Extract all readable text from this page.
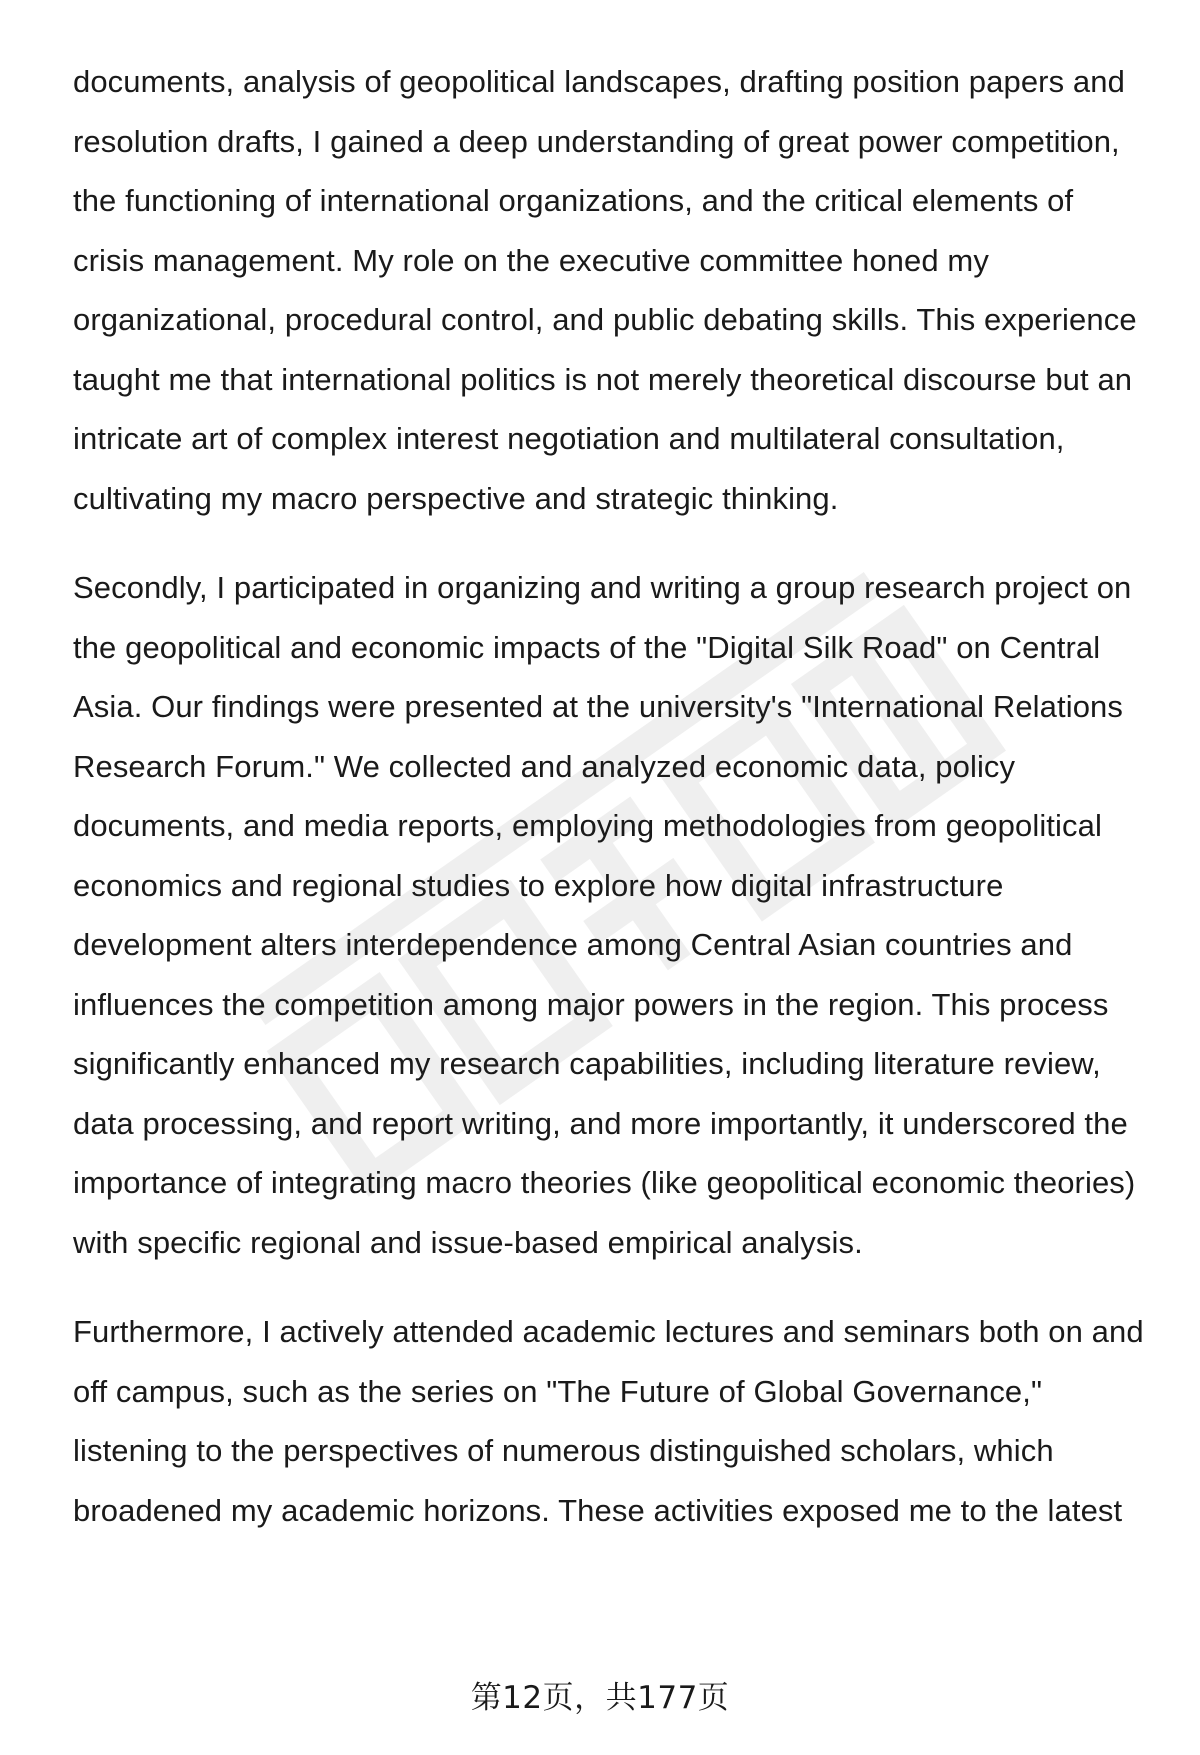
documents, analysis of geopolitical landscapes, drafting position papers and resolution drafts, I gained a deep understanding of great power competition, the functioning of international organizations, and the critical elements of crisis management. My role on the executive committee honed my organizational, procedural control, and public debating skills. This experience taught me that international politics is not merely theoretical discourse but an intricate art of complex interest negotiation and multilateral consultation, cultivating my macro perspective and strategic thinking.

Secondly, I participated in organizing and writing a group research project on the geopolitical and economic impacts of the "Digital Silk Road" on Central Asia. Our findings were presented at the university's "International Relations Research Forum." We collected and analyzed economic data, policy documents, and media reports, employing methodologies from geopolitical economics and regional studies to explore how digital infrastructure development alters interdependence among Central Asian countries and influences the competition among major powers in the region. This process significantly enhanced my research capabilities, including literature review, data processing, and report writing, and more importantly, it underscored the importance of integrating macro theories (like geopolitical economic theories) with specific regional and issue-based empirical analysis.

Furthermore, I actively attended academic lectures and seminars both on and off campus, such as the series on "The Future of Global Governance," listening to the perspectives of numerous distinguished scholars, which broadened my academic horizons. These activities exposed me to the latest

第12页，共177页
